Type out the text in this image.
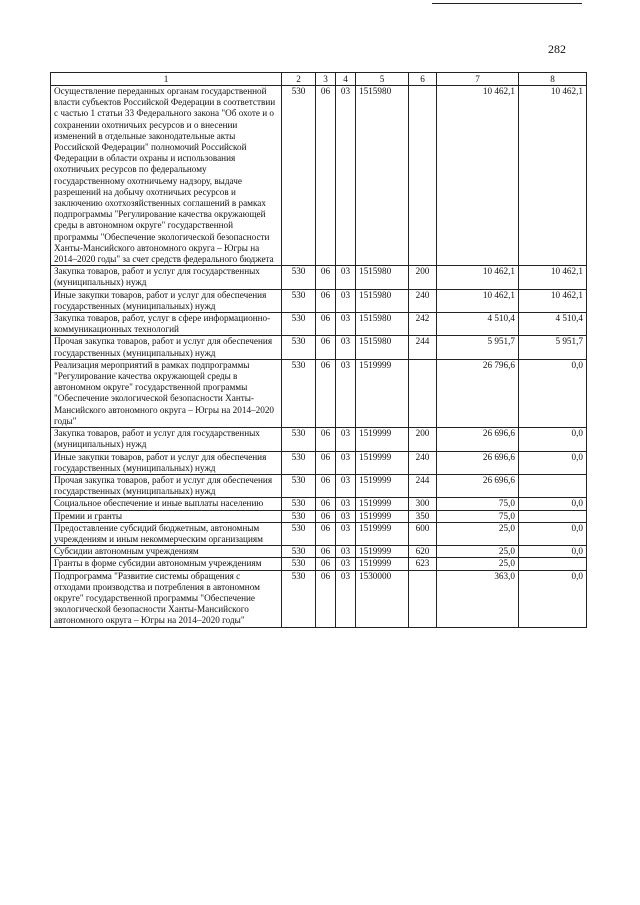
282
1	2	3	4	5	6	7	8
Осуществление переданных органам государственной власти субъектов Российской Федерации в соответствии с частью 1 статьи 33 Федерального закона "Об охоте и о сохранении охотничьих ресурсов и о внесении изменений в отдельные законодательные акты Российской Федерации" полномочий Российской Федерации в области охраны и использования охотничьих ресурсов по федеральному государственному охотничьему надзору, выдаче разрешений на добычу охотничьих ресурсов и заключению охотхозяйственных соглашений в рамках подпрограммы "Регулирование качества окружающей среды в автономном округе" государственной программы "Обеспечение экологической безопасности Ханты-Мансийского автономного округа – Югры на 2014–2020 годы" за счет средств федерального бюджета	530	06	03	1515980		10 462,1	10 462,1
Закупка товаров, работ и услуг для государственных (муниципальных) нужд	530	06	03	1515980	200	10 462,1	10 462,1
Иные закупки товаров, работ и услуг для обеспечения государственных (муниципальных) нужд	530	06	03	1515980	240	10 462,1	10 462,1
Закупка товаров, работ, услуг в сфере информационно-коммуникационных технологий	530	06	03	1515980	242	4 510,4	4 510,4
Прочая закупка товаров, работ и услуг для обеспечения государственных (муниципальных) нужд	530	06	03	1515980	244	5 951,7	5 951,7
Реализация мероприятий в рамках подпрограммы "Регулирование качества окружающей среды в автономном округе" государственной программы "Обеспечение экологической безопасности Ханты-Мансийского автономного округа – Югры на 2014–2020 годы"	530	06	03	1519999		26 796,6	0,0
Закупка товаров, работ и услуг для государственных (муниципальных) нужд	530	06	03	1519999	200	26 696,6	0,0
Иные закупки товаров, работ и услуг для обеспечения государственных (муниципальных) нужд	530	06	03	1519999	240	26 696,6	0,0
Прочая закупка товаров, работ и услуг для обеспечения государственных (муниципальных) нужд	530	06	03	1519999	244	26 696,6	
Социальное обеспечение и иные выплаты населению	530	06	03	1519999	300	75,0	0,0
Премии и гранты	530	06	03	1519999	350	75,0	
Предоставление субсидий бюджетным, автономным учреждениям и иным некоммерческим организациям	530	06	03	1519999	600	25,0	0,0
Субсидии автономным учреждениям	530	06	03	1519999	620	25,0	0,0
Гранты в форме субсидии автономным учреждениям	530	06	03	1519999	623	25,0	
Подпрограмма "Развитие системы обращения с отходами производства и потребления в автономном округе" государственной программы "Обеспечение экологической безопасности Ханты-Мансийского автономного округа – Югры на 2014–2020 годы"	530	06	03	1530000		363,0	0,0
